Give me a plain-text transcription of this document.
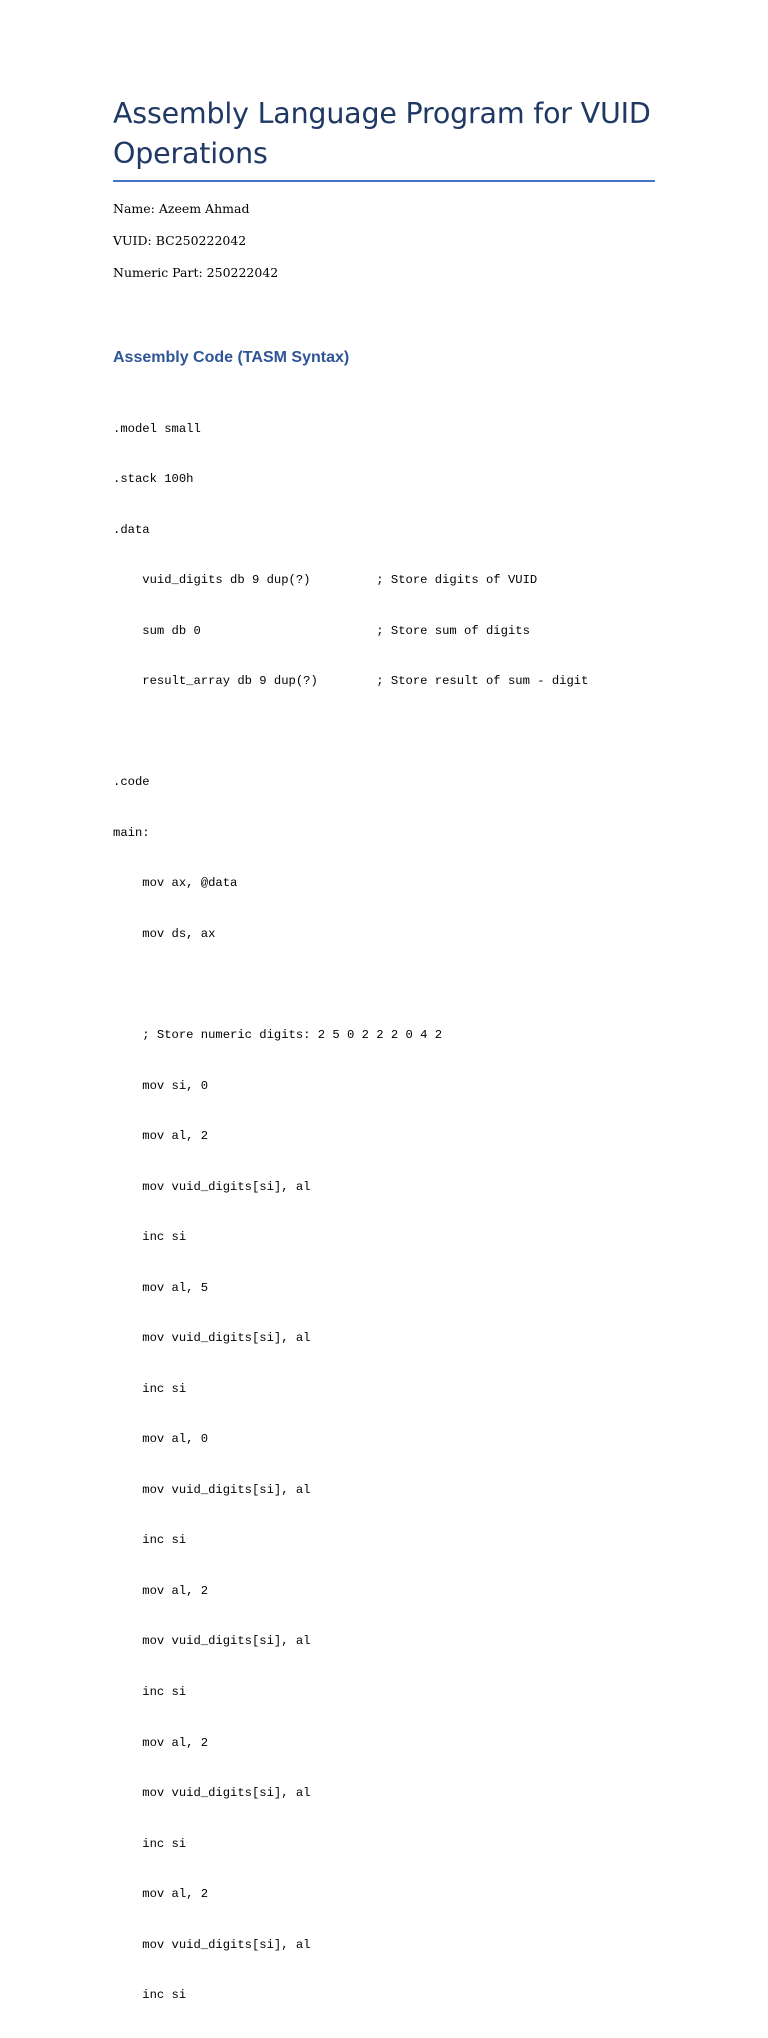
Assembly Language Program for VUID Operations
Name: Azeem Ahmad
VUID: BC250222042
Numeric Part: 250222042
Assembly Code (TASM Syntax)

.model small

.stack 100h

.data

vuid_digits db 9 dup(?)         ; Store digits of VUID

sum db 0                        ; Store sum of digits

result_array db 9 dup(?)        ; Store result of sum - digit

.code

main:

mov ax, @data

mov ds, ax

; Store numeric digits: 2 5 0 2 2 2 0 4 2

mov si, 0

mov al, 2

mov vuid_digits[si], al

inc si

mov al, 5

mov vuid_digits[si], al

inc si

mov al, 0

mov vuid_digits[si], al

inc si

mov al, 2

mov vuid_digits[si], al

inc si

mov al, 2

mov vuid_digits[si], al

inc si

mov al, 2

mov vuid_digits[si], al

inc si
